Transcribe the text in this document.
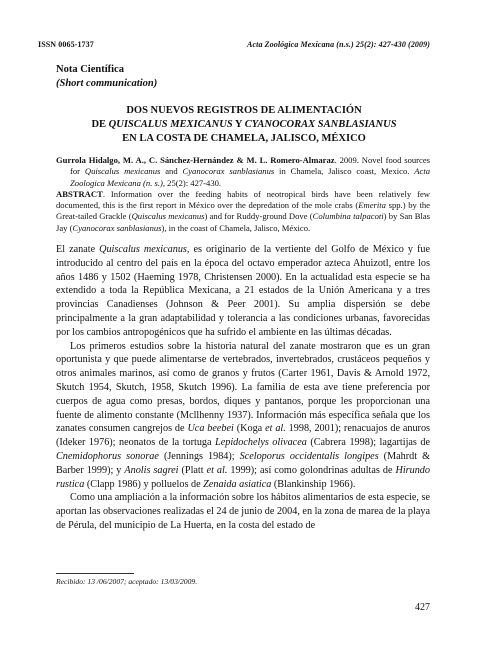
ISSN 0065-1737	Acta Zoológica Mexicana (n.s.) 25(2): 427-430 (2009)
Nota Científica
(Short communication)
DOS NUEVOS REGISTROS DE ALIMENTACIÓN
DE QUISCALUS MEXICANUS Y CYANOCORAX SANBLASIANUS
EN LA COSTA DE CHAMELA, JALISCO, MÉXICO

Gurrola Hidalgo, M. A., C. Sánchez-Hernández & M. L. Romero-Almaraz. 2009. Novel food sources for Quiscalus mexicanus and Cyanocorax sanblasianus in Chamela, Jalisco coast, Mexico. Acta Zoologica Mexicana (n. s.), 25(2): 427-430.

ABSTRACT. Information over the feeding habits of neotropical birds have been relatively few documented, this is the first report in México over the depredation of the mole crabs (Emerita spp.) by the Great-tailed Grackle (Quiscalus mexicanus) and for Ruddy-ground Dove (Columbina talpacoti) by San Blas Jay (Cyanocorax sanblasianus), in the coast of Chamela, Jalisco, México.

El zanate Quiscalus mexicanus, es originario de la vertiente del Golfo de México y fue introducido al centro del país en la época del octavo emperador azteca Ahuizotl, entre los años 1486 y 1502 (Haeming 1978, Christensen 2000). En la actualidad esta especie se ha extendido a toda la República Mexicana, a 21 estados de la Unión Americana y a tres provincias Canadienses (Johnson & Peer 2001). Su amplia dispersión se debe principalmente a la gran adaptabilidad y tolerancia a las condiciones urbanas, favorecidas por los cambios antropogénicos que ha sufrido el ambiente en las últimas décadas.

Los primeros estudios sobre la historia natural del zanate mostraron que es un gran oportunista y que puede alimentarse de vertebrados, invertebrados, crustáceos pequeños y otros animales marinos, así como de granos y frutos (Carter 1961, Davis & Arnold 1972, Skutch 1954, Skutch, 1958, Skutch 1996). La familia de esta ave tiene preferencia por cuerpos de agua como presas, bordos, diques y pantanos, porque les proporcionan una fuente de alimento constante (Mcllhenny 1937). Información más específica señala que los zanates consumen cangrejos de Uca beebei (Koga et al. 1998, 2001); renacuajos de anuros (Ideker 1976); neonatos de la tortuga Lepidochelys olivacea (Cabrera 1998); lagartijas de Cnemidophorus sonorae (Jennings 1984); Sceloporus occidentalis longipes (Mahrdt & Barber 1999); y Anolis sagrei (Platt et al. 1999); así como golondrinas adultas de Hirundo rustica (Clapp 1986) y polluelos de Zenaida asiatica (Blankinship 1966).

Como una ampliación a la información sobre los hábitos alimentarios de esta especie, se aportan las observaciones realizadas el 24 de junio de 2004, en la zona de marea de la playa de Pérula, del municipio de La Huerta, en la costa del estado de

Recibido: 13 /06/2007; aceptado: 13/03/2009.
427
